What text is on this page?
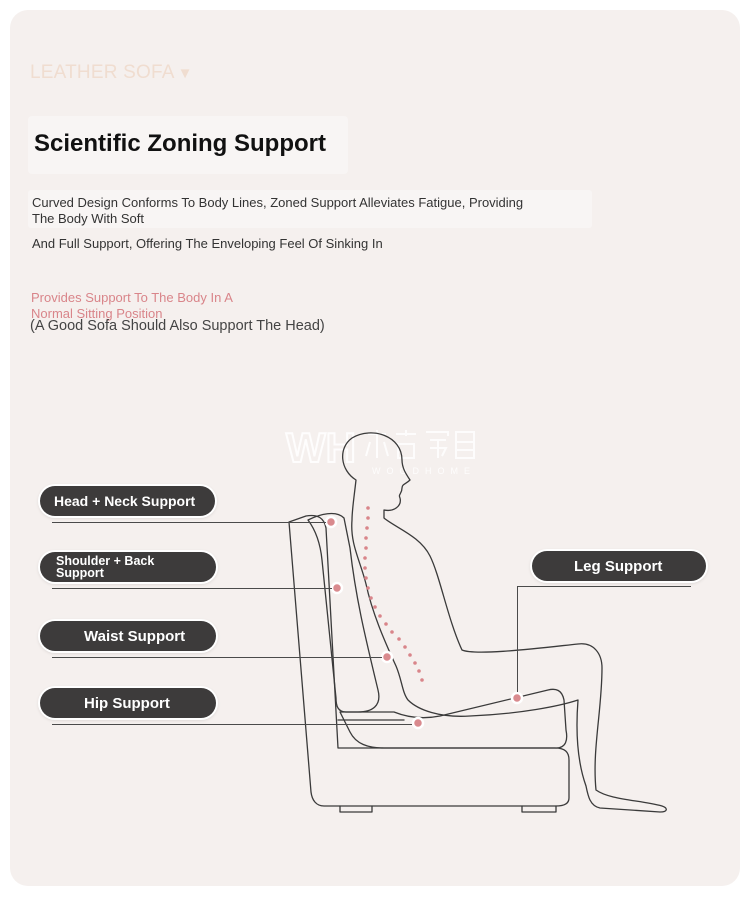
LEATHER SOFA ▼
Scientific Zoning Support
Curved Design Conforms To Body Lines, Zoned Support Alleviates Fatigue, Providing
The Body With Soft
And Full Support, Offering The Enveloping Feel Of Sinking In
Provides Support To The Body In A
Normal Sitting Position
(A Good Sofa Should Also Support The Head)
WH WOODHOME
Head + Neck Support
Shoulder + Back
Support
Waist Support
Hip Support
Leg Support
